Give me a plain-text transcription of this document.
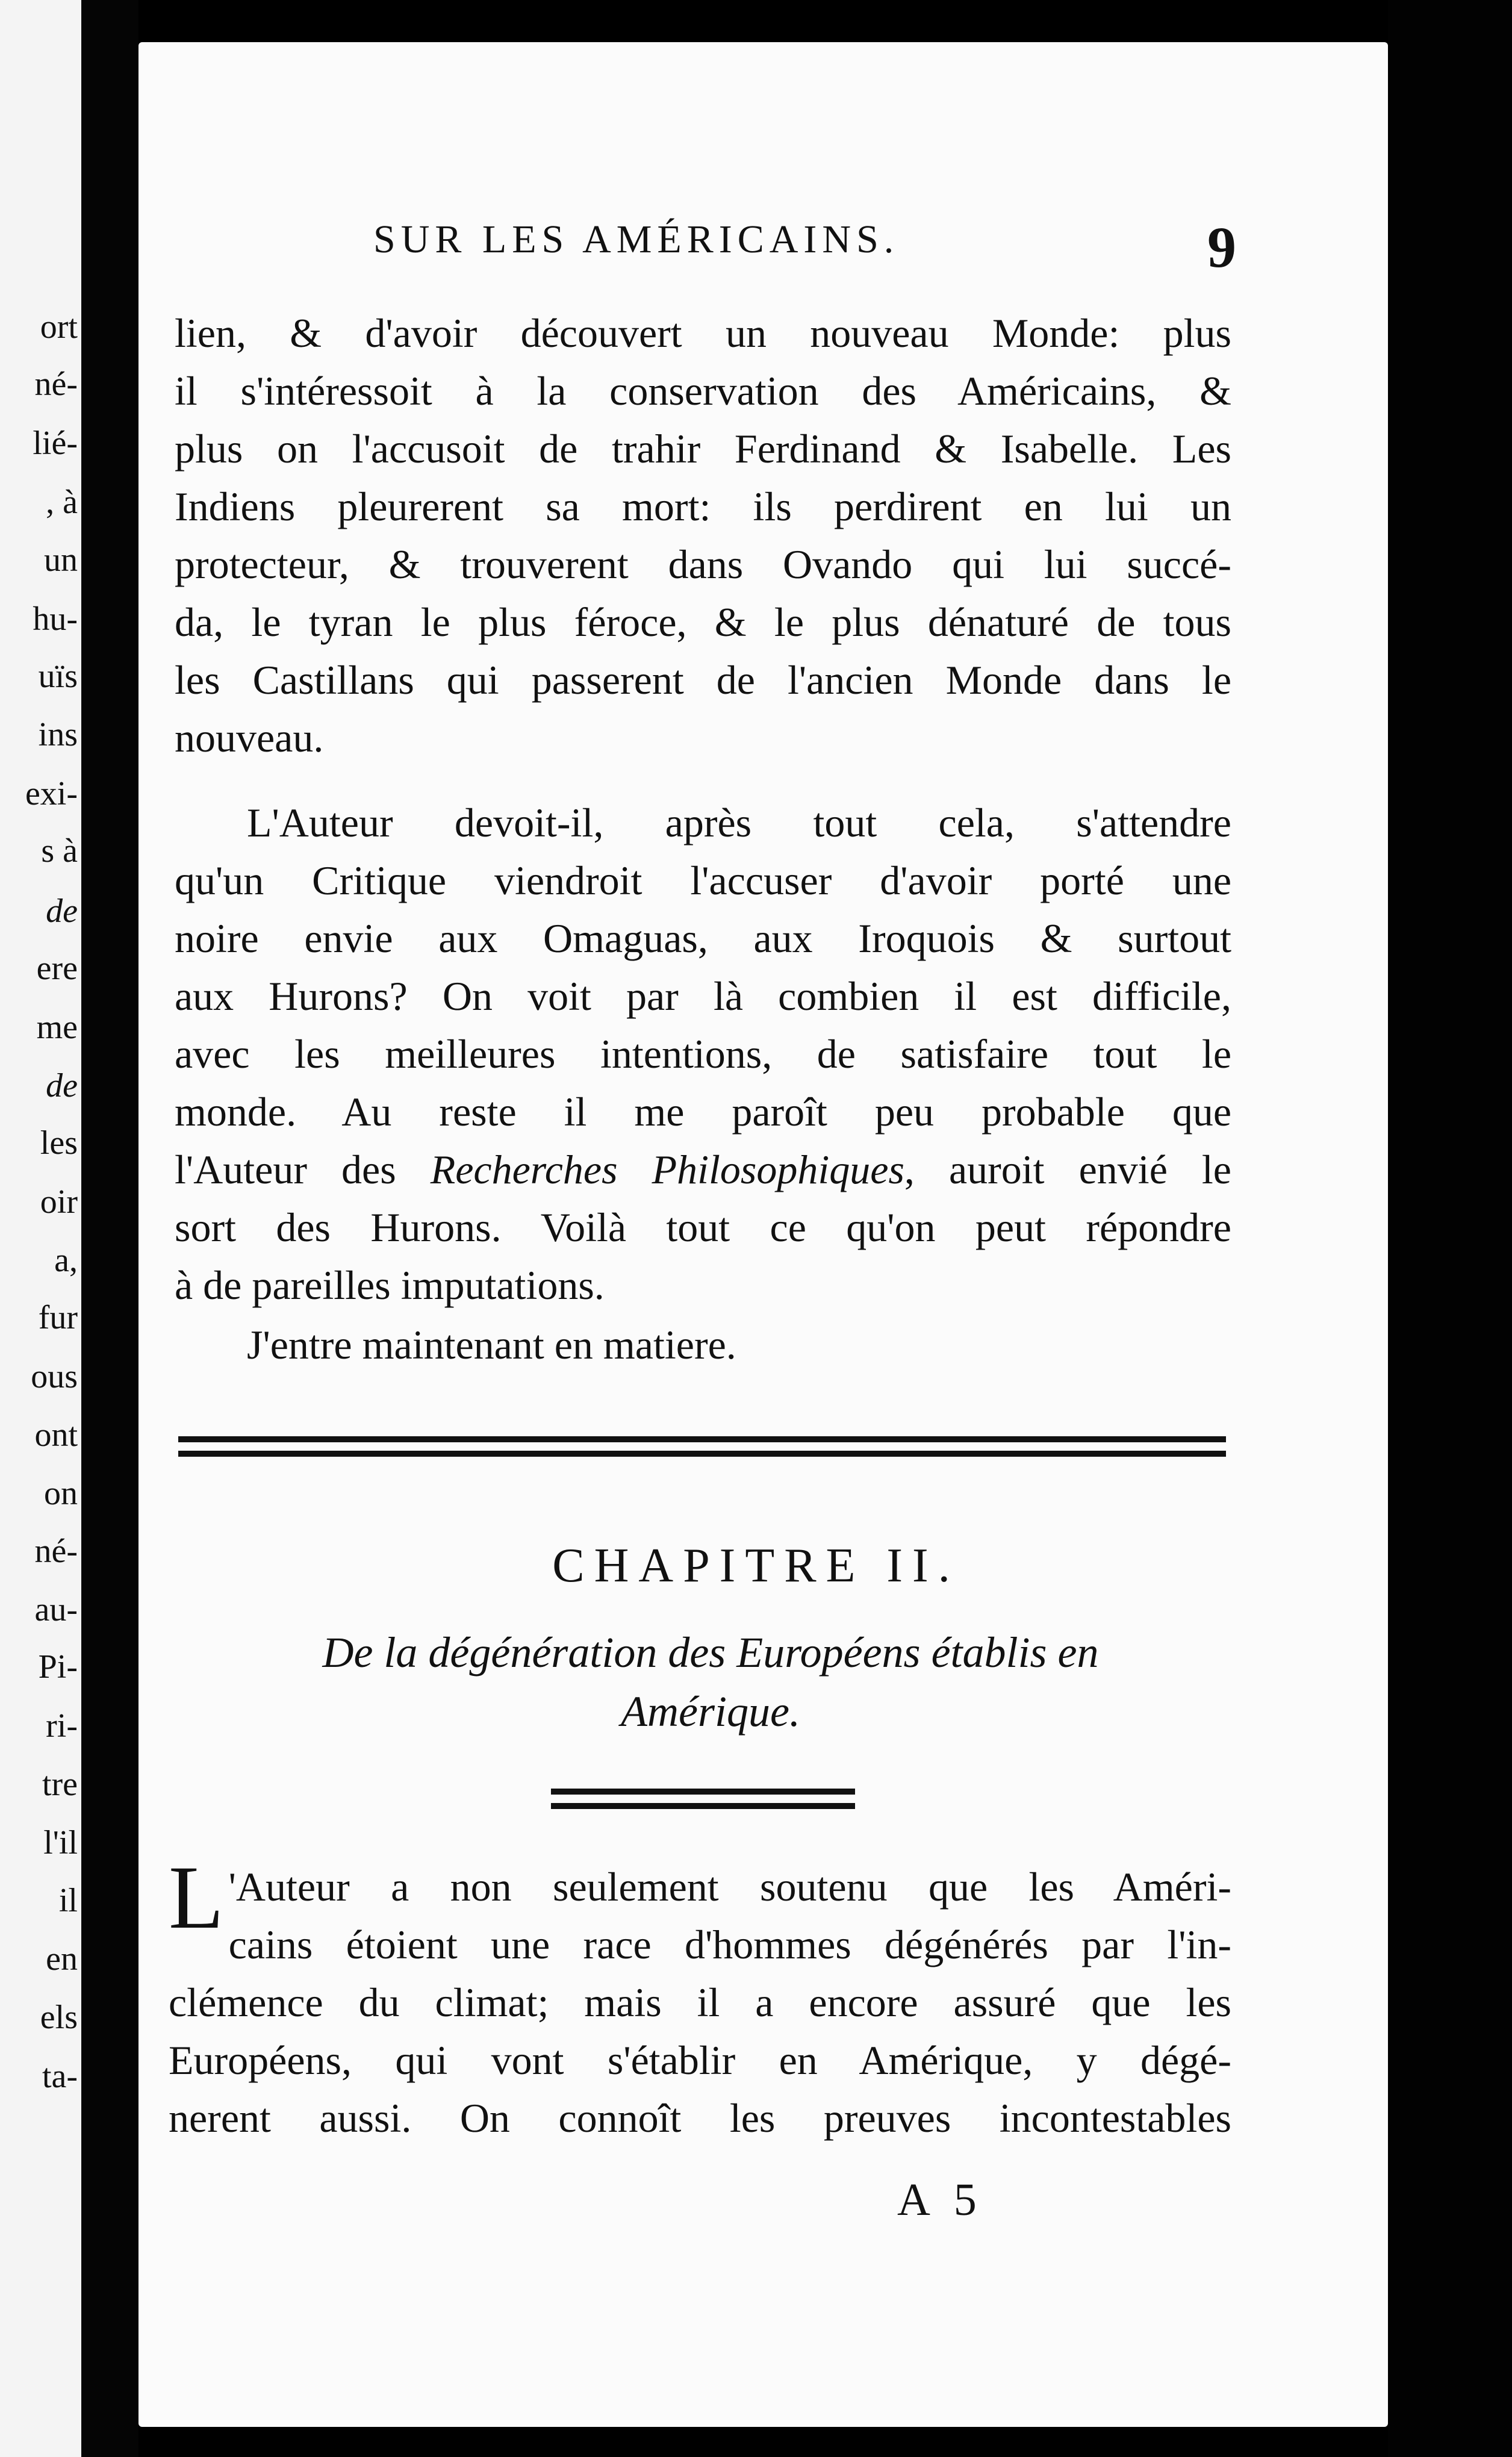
ort
né-
lié-
, à
un
hu-
uïs
ins
exi-
s à
de
ere
me
de
les
oir
a,
fur
ous
ont
on
né-
au-
Pi-
ri-
tre
l'il
il
en
els
ta-
SUR LES AMÉRICAINS.	9
lien, & d'avoir découvert un nouveau Monde: plus
il s'intéressoit à la conservation des Américains, &
plus on l'accusoit de trahir Ferdinand & Isabelle. Les
Indiens pleurerent sa mort: ils perdirent en lui un
protecteur, & trouverent dans Ovando qui lui succé-
da, le tyran le plus féroce, & le plus dénaturé de tous
les Castillans qui passerent de l'ancien Monde dans le
nouveau.
L'Auteur devoit-il, après tout cela, s'attendre
qu'un Critique viendroit l'accuser d'avoir porté une
noire envie aux Omaguas, aux Iroquois & surtout
aux Hurons? On voit par là combien il est difficile,
avec les meilleures intentions, de satisfaire tout le
monde. Au reste il me paroît peu probable que
l'Auteur des Recherches Philosophiques, auroit envié le
sort des Hurons. Voilà tout ce qu'on peut répondre
à de pareilles imputations.
J'entre maintenant en matiere.
CHAPITRE II.
De la dégénération des Européens établis en
Amérique.
L 'Auteur a non seulement soutenu que les Améri-
cains étoient une race d'hommes dégénérés par l'in-
clémence du climat; mais il a encore assuré que les
Européens, qui vont s'établir en Amérique, y dégé-
nerent aussi. On connoît les preuves incontestables
A 5
